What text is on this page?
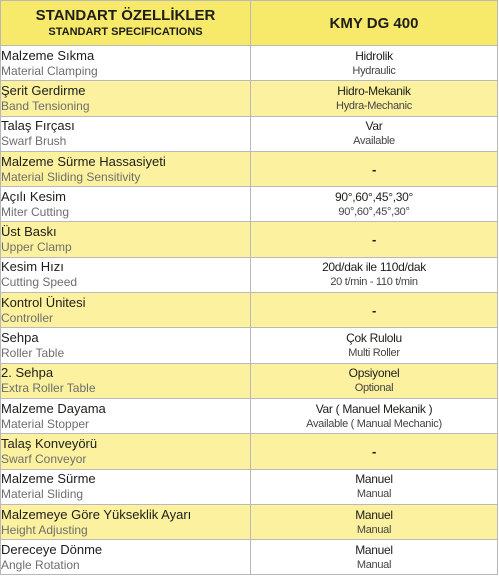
STANDART ÖZELLİKLER
STANDART SPECIFICATIONS	KMY DG 400

Malzeme Sıkma
Material Clamping	Hidrolik
Hydraulic

Şerit Gerdirme
Band Tensioning	Hidro-Mekanik
Hydra-Mechanic

Talaş Fırçası
Swarf Brush	Var
Available

Malzeme Sürme Hassasiyeti
Material Sliding Sensitivity	-

Açılı Kesim
Miter Cutting	90°,60°,45°,30°
90°,60°,45°,30°

Üst Baskı
Upper Clamp	-

Kesim Hızı
Cutting Speed	20d/dak ile 110d/dak
20 t/min - 110 t/min

Kontrol Ünitesi
Controller	-

Sehpa
Roller Table	Çok Rulolu
Multi Roller

2. Sehpa
Extra Roller Table	Opsiyonel
Optional

Malzeme Dayama
Material Stopper	Var ( Manuel Mekanik )
Available ( Manual Mechanic)

Talaş Konveyörü
Swarf Conveyor	-

Malzeme Sürme
Material Sliding	Manuel
Manual

Malzemeye Göre Yükseklik Ayarı
Height Adjusting	Manuel
Manual

Dereceye Dönme
Angle Rotation	Manuel
Manual
